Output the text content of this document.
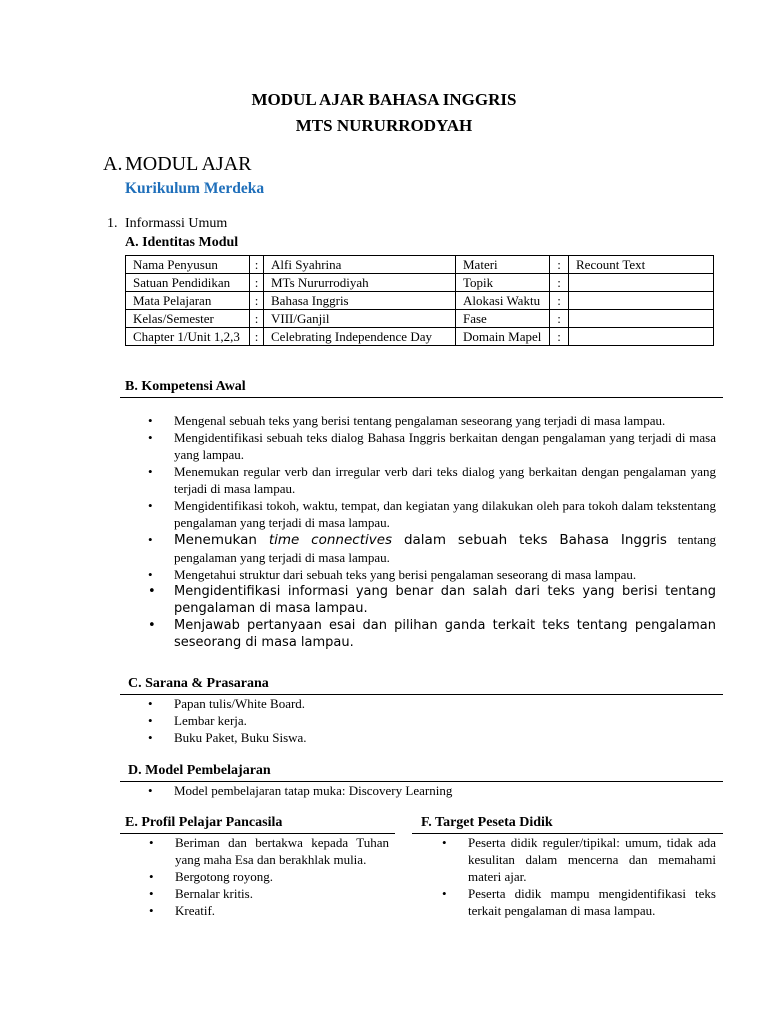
MODUL AJAR BAHASA INGGRIS
MTS NURURRODYAH
A. MODUL AJAR
Kurikulum Merdeka
1. Informassi Umum
A. Identitas Modul
Nama Penyusun	:	Alfi Syahrina	Materi	:	Recount Text
Satuan Pendidikan	:	MTs Nururrodiyah	Topik	:	
Mata Pelajaran	:	Bahasa Inggris	Alokasi Waktu	:	
Kelas/Semester	:	VIII/Ganjil	Fase	:	
Chapter 1/Unit 1,2,3	:	Celebrating Independence Day	Domain Mapel	:	
B. Kompetensi Awal
•	Mengenal sebuah teks yang berisi tentang pengalaman seseorang yang terjadi di masa lampau.
•	Mengidentifikasi sebuah teks dialog Bahasa Inggris berkaitan dengan pengalaman yang terjadi di masa yang lampau.
•	Menemukan regular verb dan irregular verb dari teks dialog yang berkaitan dengan pengalaman yang terjadi di masa lampau.
•	Mengidentifikasi tokoh, waktu, tempat, dan kegiatan yang dilakukan oleh para tokoh dalam tekstentang pengalaman yang terjadi di masa lampau.
•	Menemukan time connectives dalam sebuah teks Bahasa Inggris tentang pengalaman yang terjadi di masa lampau.
•	Mengetahui struktur dari sebuah teks yang berisi pengalaman seseorang di masa lampau.
•	Mengidentifikasi informasi yang benar dan salah dari teks yang berisi tentang pengalaman di masa lampau.
•	Menjawab pertanyaan esai dan pilihan ganda terkait teks tentang pengalaman seseorang di masa lampau.
C. Sarana & Prasarana
•	Papan tulis/White Board.
•	Lembar kerja.
•	Buku Paket, Buku Siswa.
D. Model Pembelajaran
•	Model pembelajaran tatap muka: Discovery Learning
E. Profil Pelajar Pancasila
•	Beriman dan bertakwa kepada Tuhan yang maha Esa dan berakhlak mulia.
•	Bergotong royong.
•	Bernalar kritis.
•	Kreatif.
F. Target Peseta Didik
•	Peserta didik reguler/tipikal: umum, tidak ada kesulitan dalam mencerna dan memahami materi ajar.
•	Peserta didik mampu mengidentifikasi teks terkait pengalaman di masa lampau.
